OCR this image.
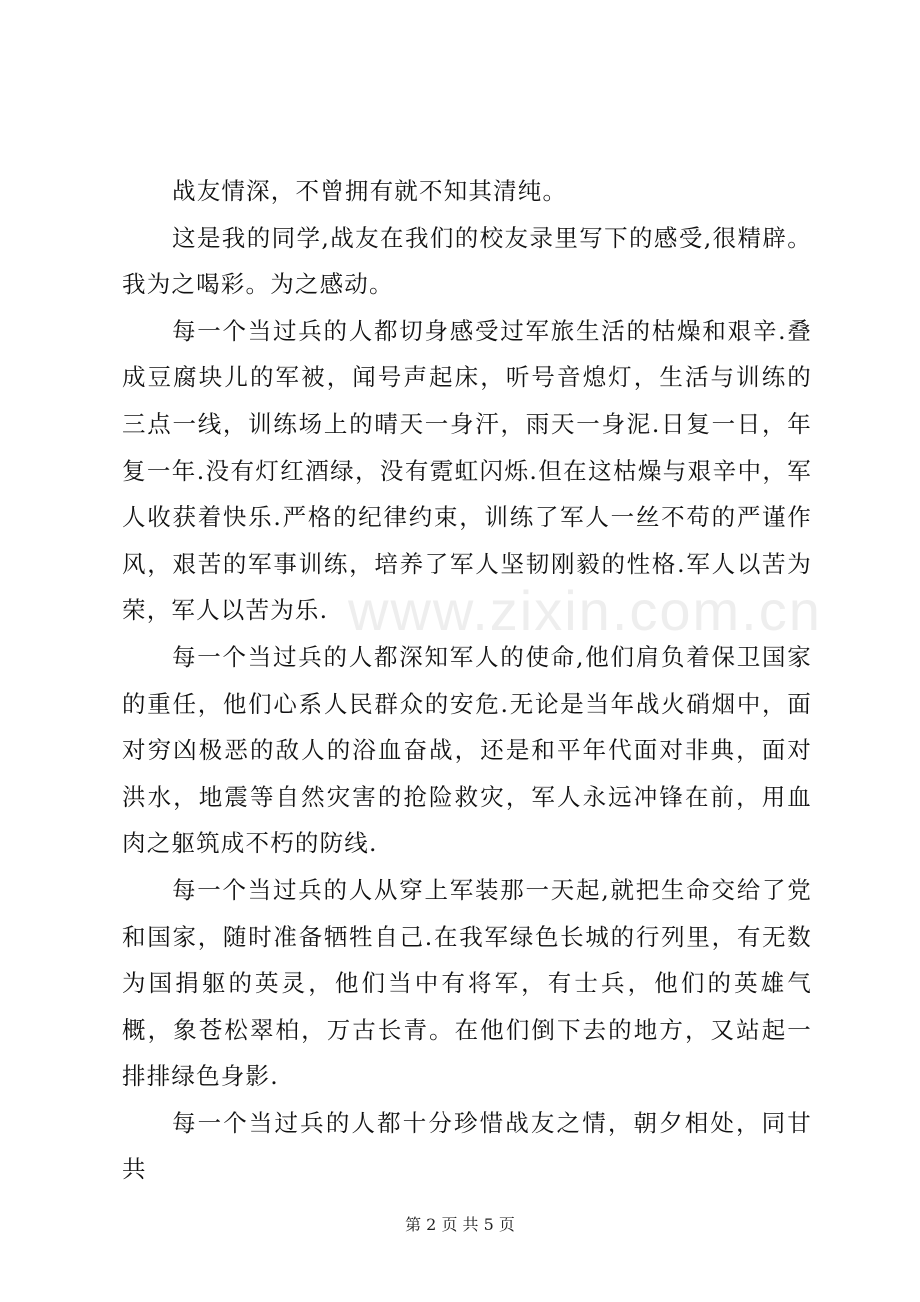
战友情深，不曾拥有就不知其清纯。

这是我的同学,战友在我们的校友录里写下的感受,很精辟。我为之喝彩。为之感动。

每一个当过兵的人都切身感受过军旅生活的枯燥和艰辛.叠成豆腐块儿的军被，闻号声起床，听号音熄灯，生活与训练的三点一线，训练场上的晴天一身汗，雨天一身泥.日复一日，年复一年.没有灯红酒绿，没有霓虹闪烁.但在这枯燥与艰辛中，军人收获着快乐.严格的纪律约束，训练了军人一丝不苟的严谨作风，艰苦的军事训练，培养了军人坚韧刚毅的性格.军人以苦为荣，军人以苦为乐.

每一个当过兵的人都深知军人的使命,他们肩负着保卫国家的重任，他们心系人民群众的安危.无论是当年战火硝烟中，面对穷凶极恶的敌人的浴血奋战，还是和平年代面对非典，面对洪水，地震等自然灾害的抢险救灾，军人永远冲锋在前，用血肉之躯筑成不朽的防线.

每一个当过兵的人从穿上军装那一天起,就把生命交给了党和国家，随时准备牺牲自己.在我军绿色长城的行列里，有无数为国捐躯的英灵，他们当中有将军，有士兵，他们的英雄气概，象苍松翠柏，万古长青。在他们倒下去的地方，又站起一排排绿色身影.

每一个当过兵的人都十分珍惜战友之情，朝夕相处，同甘共

www.zixin.com.cn
第 2 页 共 5 页
